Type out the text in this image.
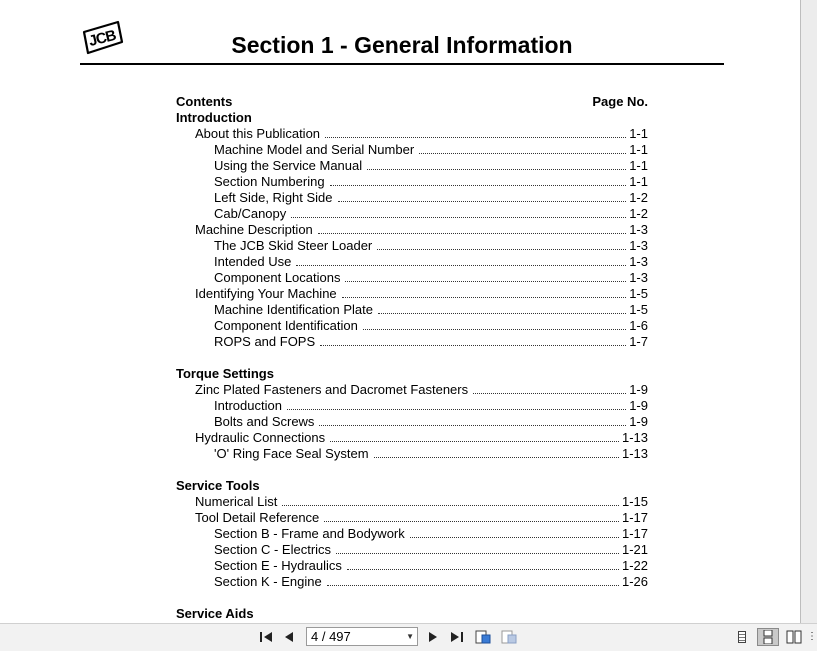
JCB	Section 1 - General Information
Contents	Page No.
Introduction
About this Publication	1-1
Machine Model and Serial Number	1-1
Using the Service Manual	1-1
Section Numbering	1-1
Left Side, Right Side	1-2
Cab/Canopy	1-2
Machine Description	1-3
The JCB Skid Steer Loader	1-3
Intended Use	1-3
Component Locations	1-3
Identifying Your Machine	1-5
Machine Identification Plate	1-5
Component Identification	1-6
ROPS and FOPS	1-7
Torque Settings
Zinc Plated Fasteners and Dacromet Fasteners	1-9
Introduction	1-9
Bolts and Screws	1-9
Hydraulic Connections	1-13
'O' Ring Face Seal System	1-13
Service Tools
Numerical List	1-15
Tool Detail Reference	1-17
Section B - Frame and Bodywork	1-17
Section C - Electrics	1-21
Section E - Hydraulics	1-22
Section K - Engine	1-26
Service Aids
4 / 497	▼	⋮
